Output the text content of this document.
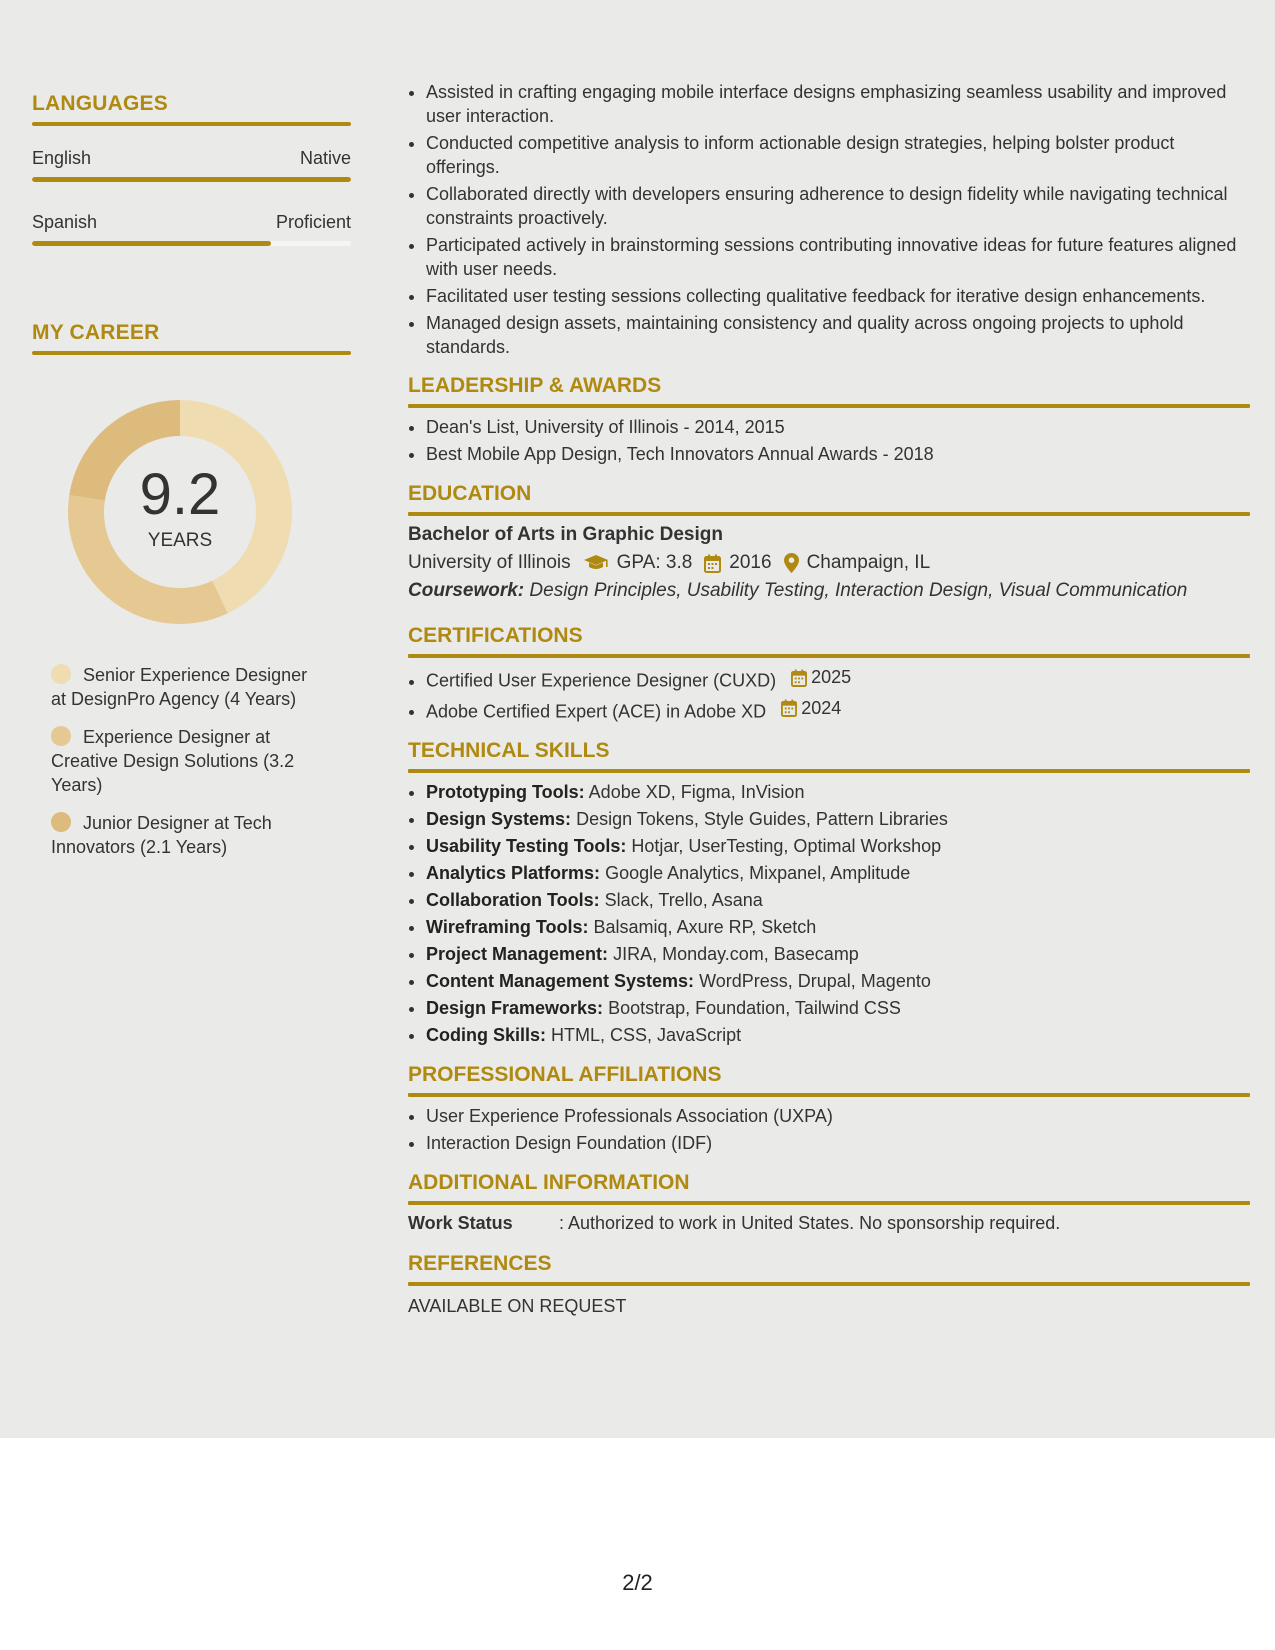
LANGUAGES
English	Native
Spanish	Proficient
MY CAREER
9.2
YEARS
Senior Experience Designer at DesignPro Agency (4 Years)
Experience Designer at Creative Design Solutions (3.2 Years)
Junior Designer at Tech Innovators (2.1 Years)
• Assisted in crafting engaging mobile interface designs emphasizing seamless usability and improved user interaction.
• Conducted competitive analysis to inform actionable design strategies, helping bolster product offerings.
• Collaborated directly with developers ensuring adherence to design fidelity while navigating technical constraints proactively.
• Participated actively in brainstorming sessions contributing innovative ideas for future features aligned with user needs.
• Facilitated user testing sessions collecting qualitative feedback for iterative design enhancements.
• Managed design assets, maintaining consistency and quality across ongoing projects to uphold standards.
LEADERSHIP & AWARDS
• Dean's List, University of Illinois - 2014, 2015
• Best Mobile App Design, Tech Innovators Annual Awards - 2018
EDUCATION
Bachelor of Arts in Graphic Design
University of Illinois GPA: 3.8 2016 Champaign, IL
Coursework: Design Principles, Usability Testing, Interaction Design, Visual Communication
CERTIFICATIONS
• Certified User Experience Designer (CUXD) 2025
• Adobe Certified Expert (ACE) in Adobe XD 2024
TECHNICAL SKILLS
• Prototyping Tools: Adobe XD, Figma, InVision
• Design Systems: Design Tokens, Style Guides, Pattern Libraries
• Usability Testing Tools: Hotjar, UserTesting, Optimal Workshop
• Analytics Platforms: Google Analytics, Mixpanel, Amplitude
• Collaboration Tools: Slack, Trello, Asana
• Wireframing Tools: Balsamiq, Axure RP, Sketch
• Project Management: JIRA, Monday.com, Basecamp
• Content Management Systems: WordPress, Drupal, Magento
• Design Frameworks: Bootstrap, Foundation, Tailwind CSS
• Coding Skills: HTML, CSS, JavaScript
PROFESSIONAL AFFILIATIONS
• User Experience Professionals Association (UXPA)
• Interaction Design Foundation (IDF)
ADDITIONAL INFORMATION
Work Status	: Authorized to work in United States. No sponsorship required.
REFERENCES
AVAILABLE ON REQUEST
2/2
